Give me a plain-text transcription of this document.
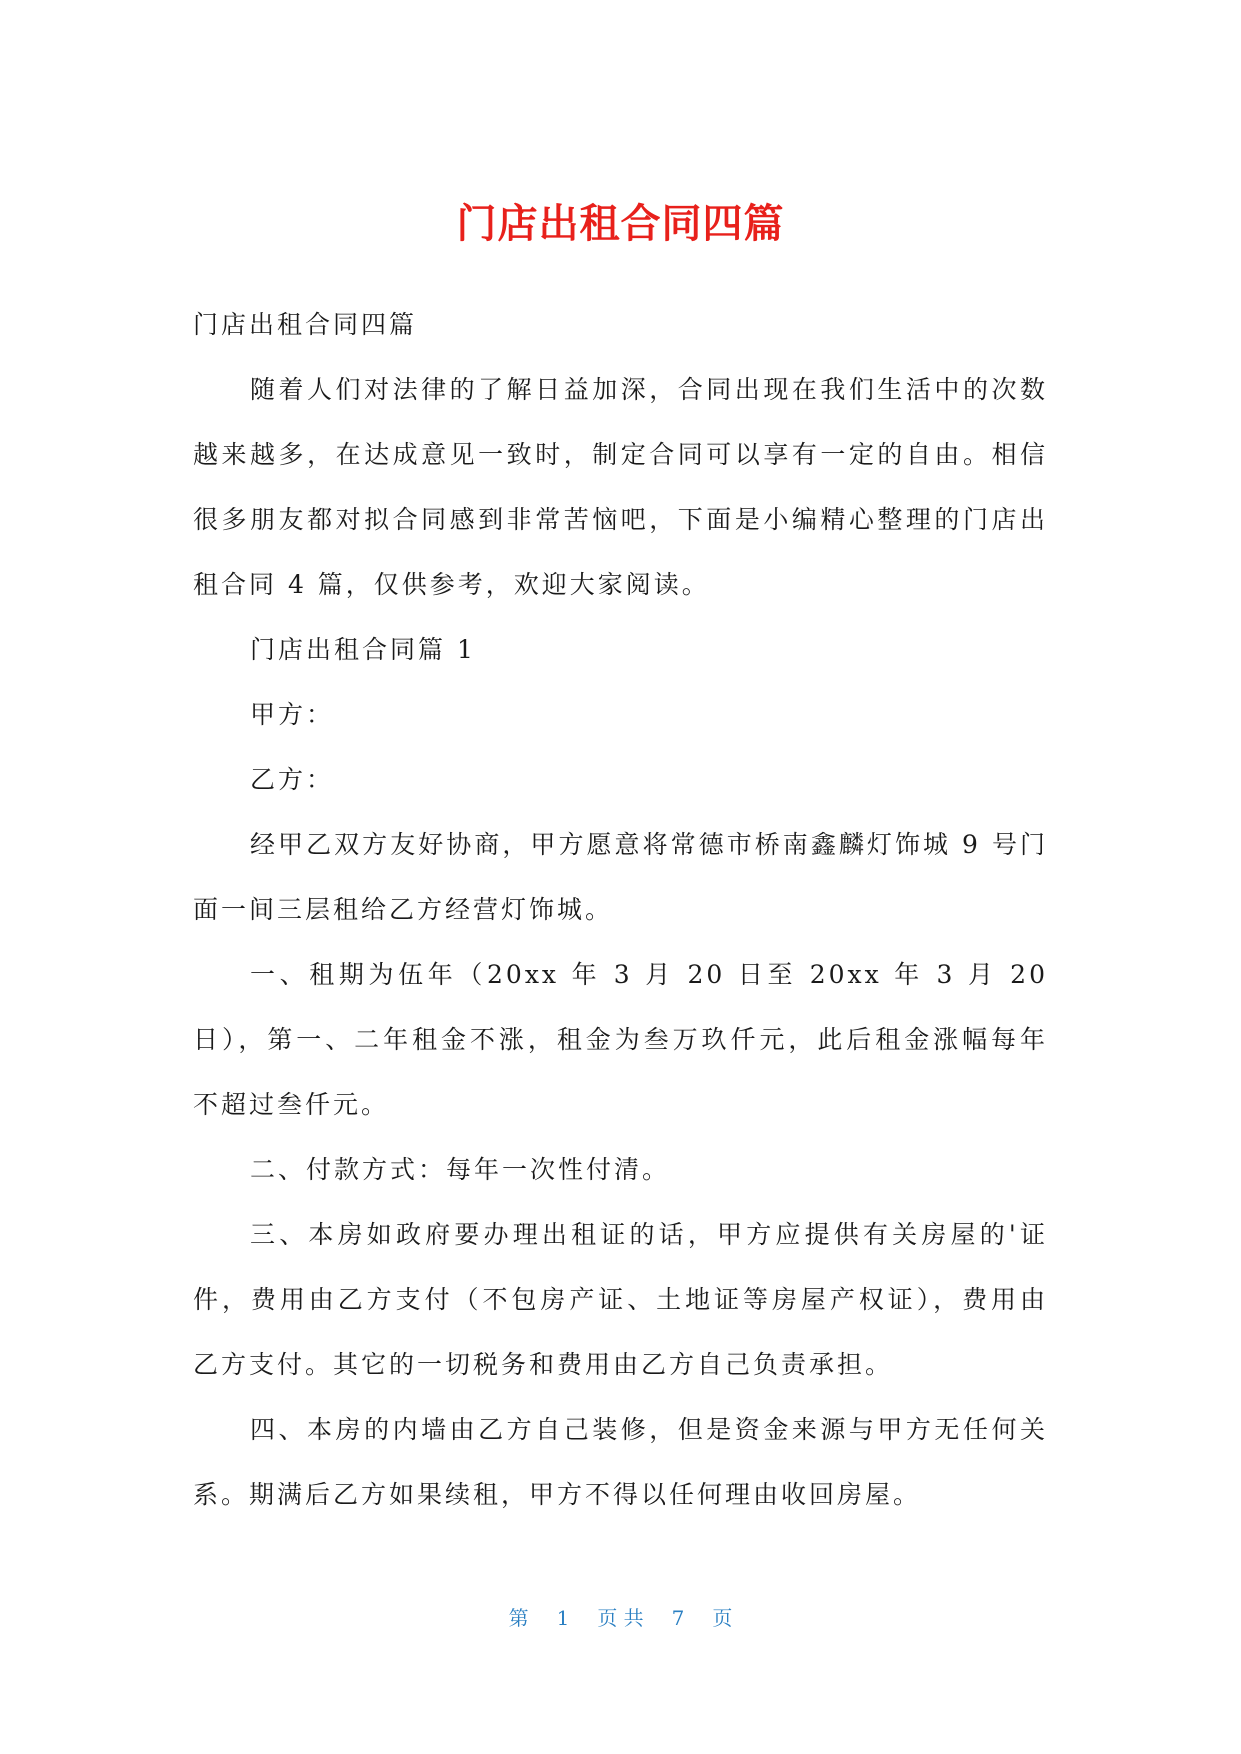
门店出租合同四篇

门店出租合同四篇

随着人们对法律的了解日益加深，合同出现在我们生活中的次数越来越多，在达成意见一致时，制定合同可以享有一定的自由。相信很多朋友都对拟合同感到非常苦恼吧，下面是小编精心整理的门店出租合同 4 篇，仅供参考，欢迎大家阅读。

门店出租合同篇 1

甲方：

乙方：

经甲乙双方友好协商，甲方愿意将常德市桥南鑫麟灯饰城 9 号门面一间三层租给乙方经营灯饰城。

一、租期为伍年（20xx 年 3 月 20 日至 20xx 年 3 月 20 日），第一、二年租金不涨，租金为叁万玖仟元，此后租金涨幅每年不超过叁仟元。

二、付款方式：每年一次性付清。

三、本房如政府要办理出租证的话，甲方应提供有关房屋的'证件，费用由乙方支付（不包房产证、土地证等房屋产权证），费用由乙方支付。其它的一切税务和费用由乙方自己负责承担。

四、本房的内墙由乙方自己装修，但是资金来源与甲方无任何关系。期满后乙方如果续租，甲方不得以任何理由收回房屋。

第 1 页 共 7 页
